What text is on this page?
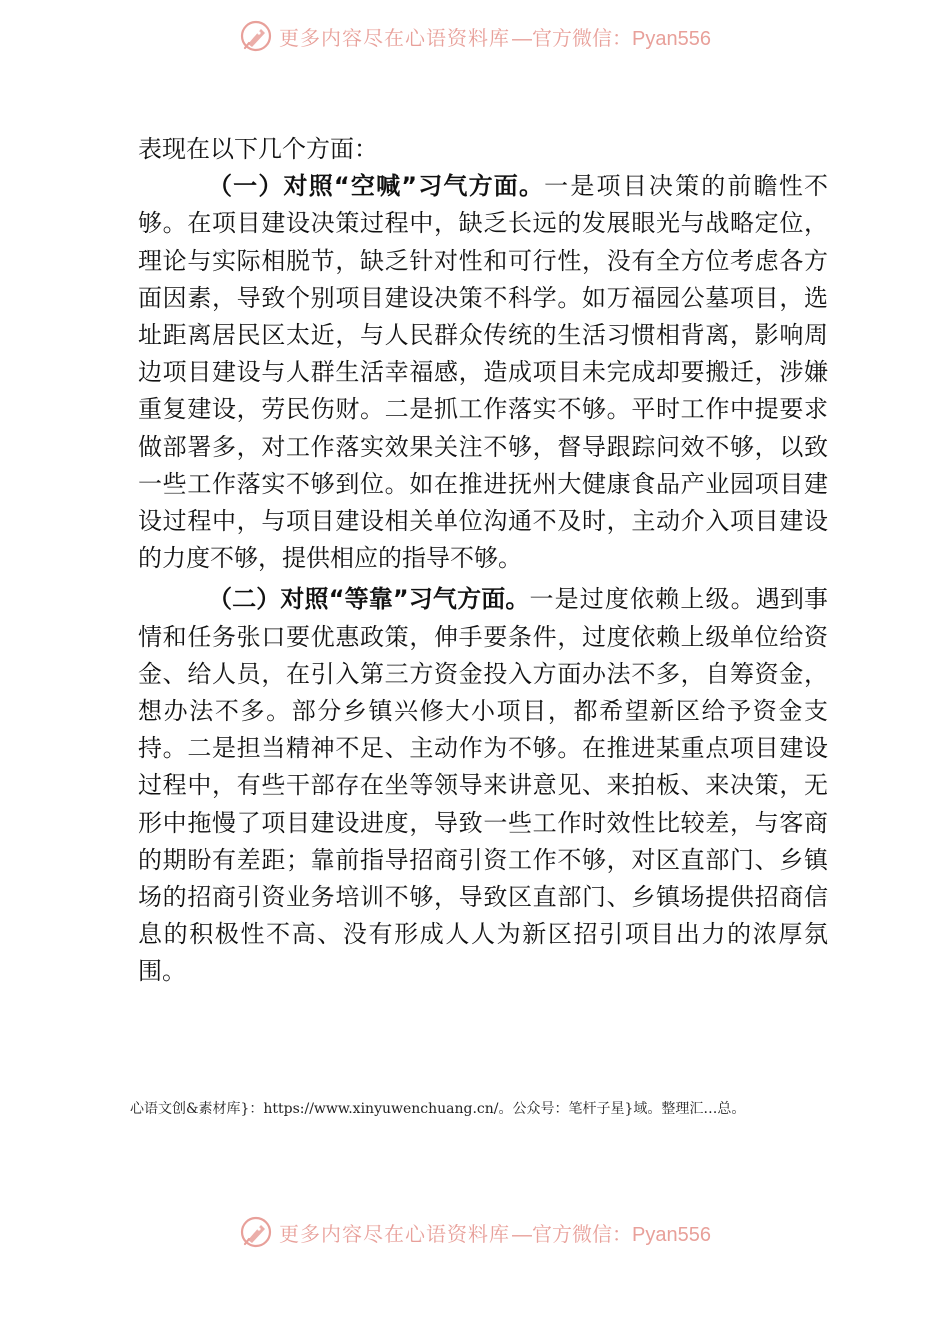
更多内容尽在心语资料库 —官方微信：Pyan556

表现在以下几个方面：

（一）对照“空喊”习气方面。一是项目决策的前瞻性不够。在项目建设决策过程中，缺乏长远的发展眼光与战略定位，理论与实际相脱节，缺乏针对性和可行性，没有全方位考虑各方面因素，导致个别项目建设决策不科学。如万福园公墓项目，选址距离居民区太近，与人民群众传统的生活习惯相背离，影响周边项目建设与人群生活幸福感，造成项目未完成却要搬迁，涉嫌重复建设，劳民伤财。二是抓工作落实不够。平时工作中提要求做部署多，对工作落实效果关注不够，督导跟踪问效不够，以致一些工作落实不够到位。如在推进抚州大健康食品产业园项目建设过程中，与项目建设相关单位沟通不及时，主动介入项目建设的力度不够，提供相应的指导不够。

（二）对照“等靠”习气方面。一是过度依赖上级。遇到事情和任务张口要优惠政策，伸手要条件，过度依赖上级单位给资金、给人员，在引入第三方资金投入方面办法不多，自筹资金，想办法不多。部分乡镇兴修大小项目，都希望新区给予资金支持。二是担当精神不足、主动作为不够。在推进某重点项目建设过程中，有些干部存在坐等领导来讲意见、来拍板、来决策，无形中拖慢了项目建设进度，导致一些工作时效性比较差，与客商的期盼有差距；靠前指导招商引资工作不够，对区直部门、乡镇场的招商引资业务培训不够，导致区直部门、乡镇场提供招商信息的积极性不高、没有形成人人为新区招引项目出力的浓厚氛围。

心语文创&素材库}：https://www.xinyuwenchuang.cn/。公众号：笔杆子星}域。整理汇…总。
更多内容尽在心语资料库 —官方微信：Pyan556
